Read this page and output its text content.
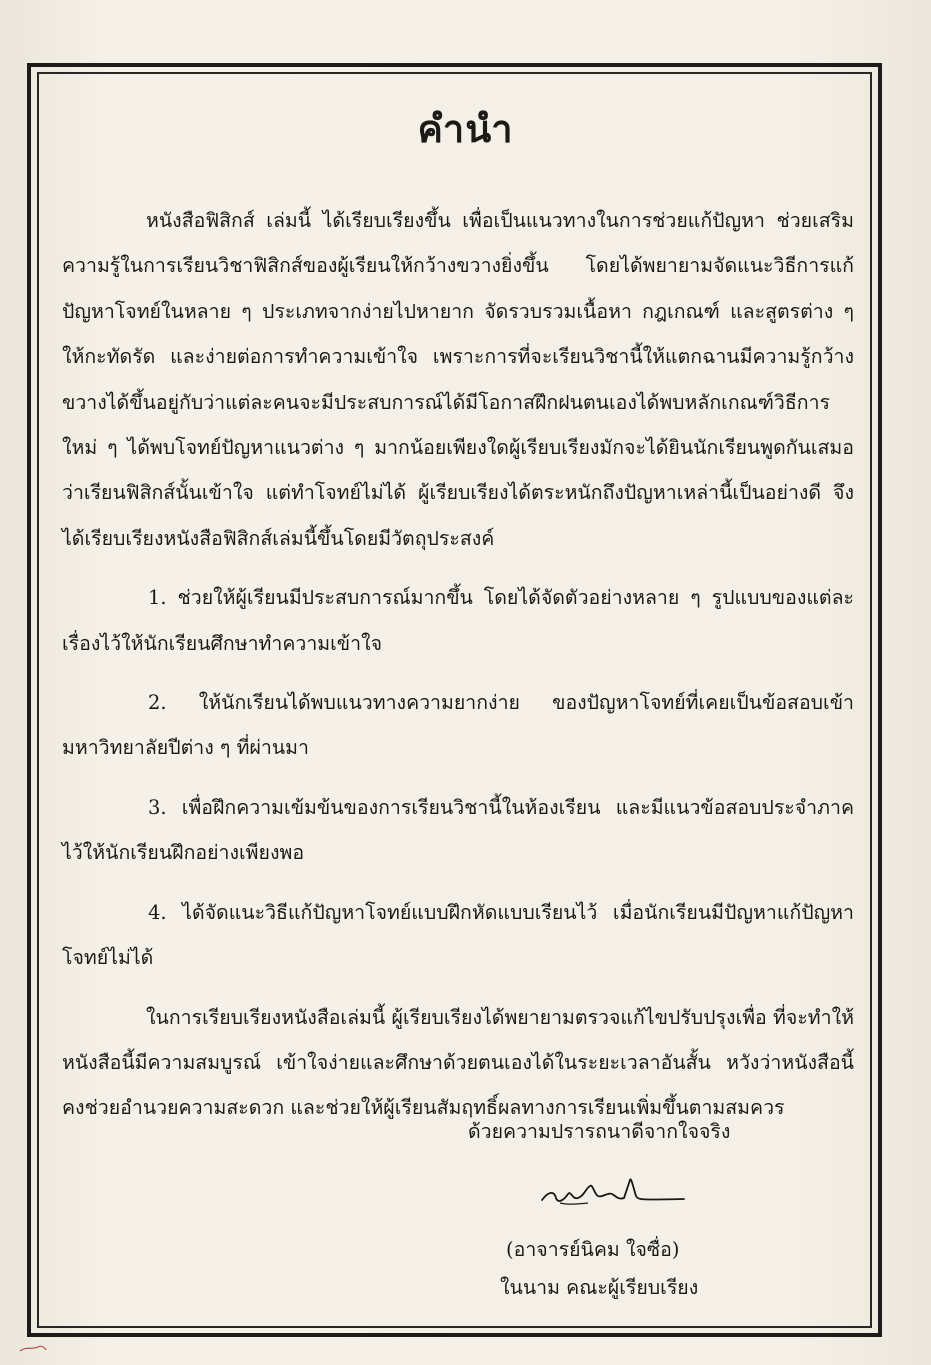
คำนำ

หนังสือฟิสิกส์ เล่มนี้ ได้เรียบเรียงขึ้น เพื่อเป็นแนวทางในการช่วยแก้ปัญหา ช่วยเสริมความรู้ในการเรียนวิชาฟิสิกส์ของผู้เรียนให้กว้างขวางยิ่งขึ้น โดยได้พยายามจัดแนะวิธีการแก้ปัญหาโจทย์ในหลาย ๆ ประเภทจากง่ายไปหายาก จัดรวบรวมเนื้อหา กฎเกณฑ์ และสูตรต่าง ๆ ให้กะทัดรัด และง่ายต่อการทำความเข้าใจ เพราะการที่จะเรียนวิชานี้ให้แตกฉานมีความรู้กว้างขวางได้ขึ้นอยู่กับว่าแต่ละคนจะมีประสบการณ์ได้มีโอกาสฝึกฝนตนเองได้พบหลักเกณฑ์วิธีการใหม่ ๆ ได้พบโจทย์ปัญหาแนวต่าง ๆ มากน้อยเพียงใดผู้เรียบเรียงมักจะได้ยินนักเรียนพูดกันเสมอว่าเรียนฟิสิกส์นั้นเข้าใจ แต่ทำโจทย์ไม่ได้ ผู้เรียบเรียงได้ตระหนักถึงปัญหาเหล่านี้เป็นอย่างดี จึงได้เรียบเรียงหนังสือฟิสิกส์เล่มนี้ขึ้นโดยมีวัตถุประสงค์

1. ช่วยให้ผู้เรียนมีประสบการณ์มากขึ้น โดยได้จัดตัวอย่างหลาย ๆ รูปแบบของแต่ละเรื่องไว้ให้นักเรียนศึกษาทำความเข้าใจ

2. ให้นักเรียนได้พบแนวทางความยากง่าย ของปัญหาโจทย์ที่เคยเป็นข้อสอบเข้ามหาวิทยาลัยปีต่าง ๆ ที่ผ่านมา

3. เพื่อฝึกความเข้มข้นของการเรียนวิชานี้ในห้องเรียน และมีแนวข้อสอบประจำภาคไว้ให้นักเรียนฝึกอย่างเพียงพอ

4. ได้จัดแนะวิธีแก้ปัญหาโจทย์แบบฝึกหัดแบบเรียนไว้ เมื่อนักเรียนมีปัญหาแก้ปัญหาโจทย์ไม่ได้

ในการเรียบเรียงหนังสือเล่มนี้ ผู้เรียบเรียงได้พยายามตรวจแก้ไขปรับปรุงเพื่อ ที่จะทำให้หนังสือนี้มีความสมบูรณ์ เข้าใจง่ายและศึกษาด้วยตนเองได้ในระยะเวลาอันสั้น หวังว่าหนังสือนี้คงช่วยอำนวยความสะดวก และช่วยให้ผู้เรียนสัมฤทธิ์ผลทางการเรียนเพิ่มขึ้นตามสมควร

ด้วยความปรารถนาดีจากใจจริง

(อาจารย์นิคม ใจซื่อ)

ในนาม คณะผู้เรียบเรียง
